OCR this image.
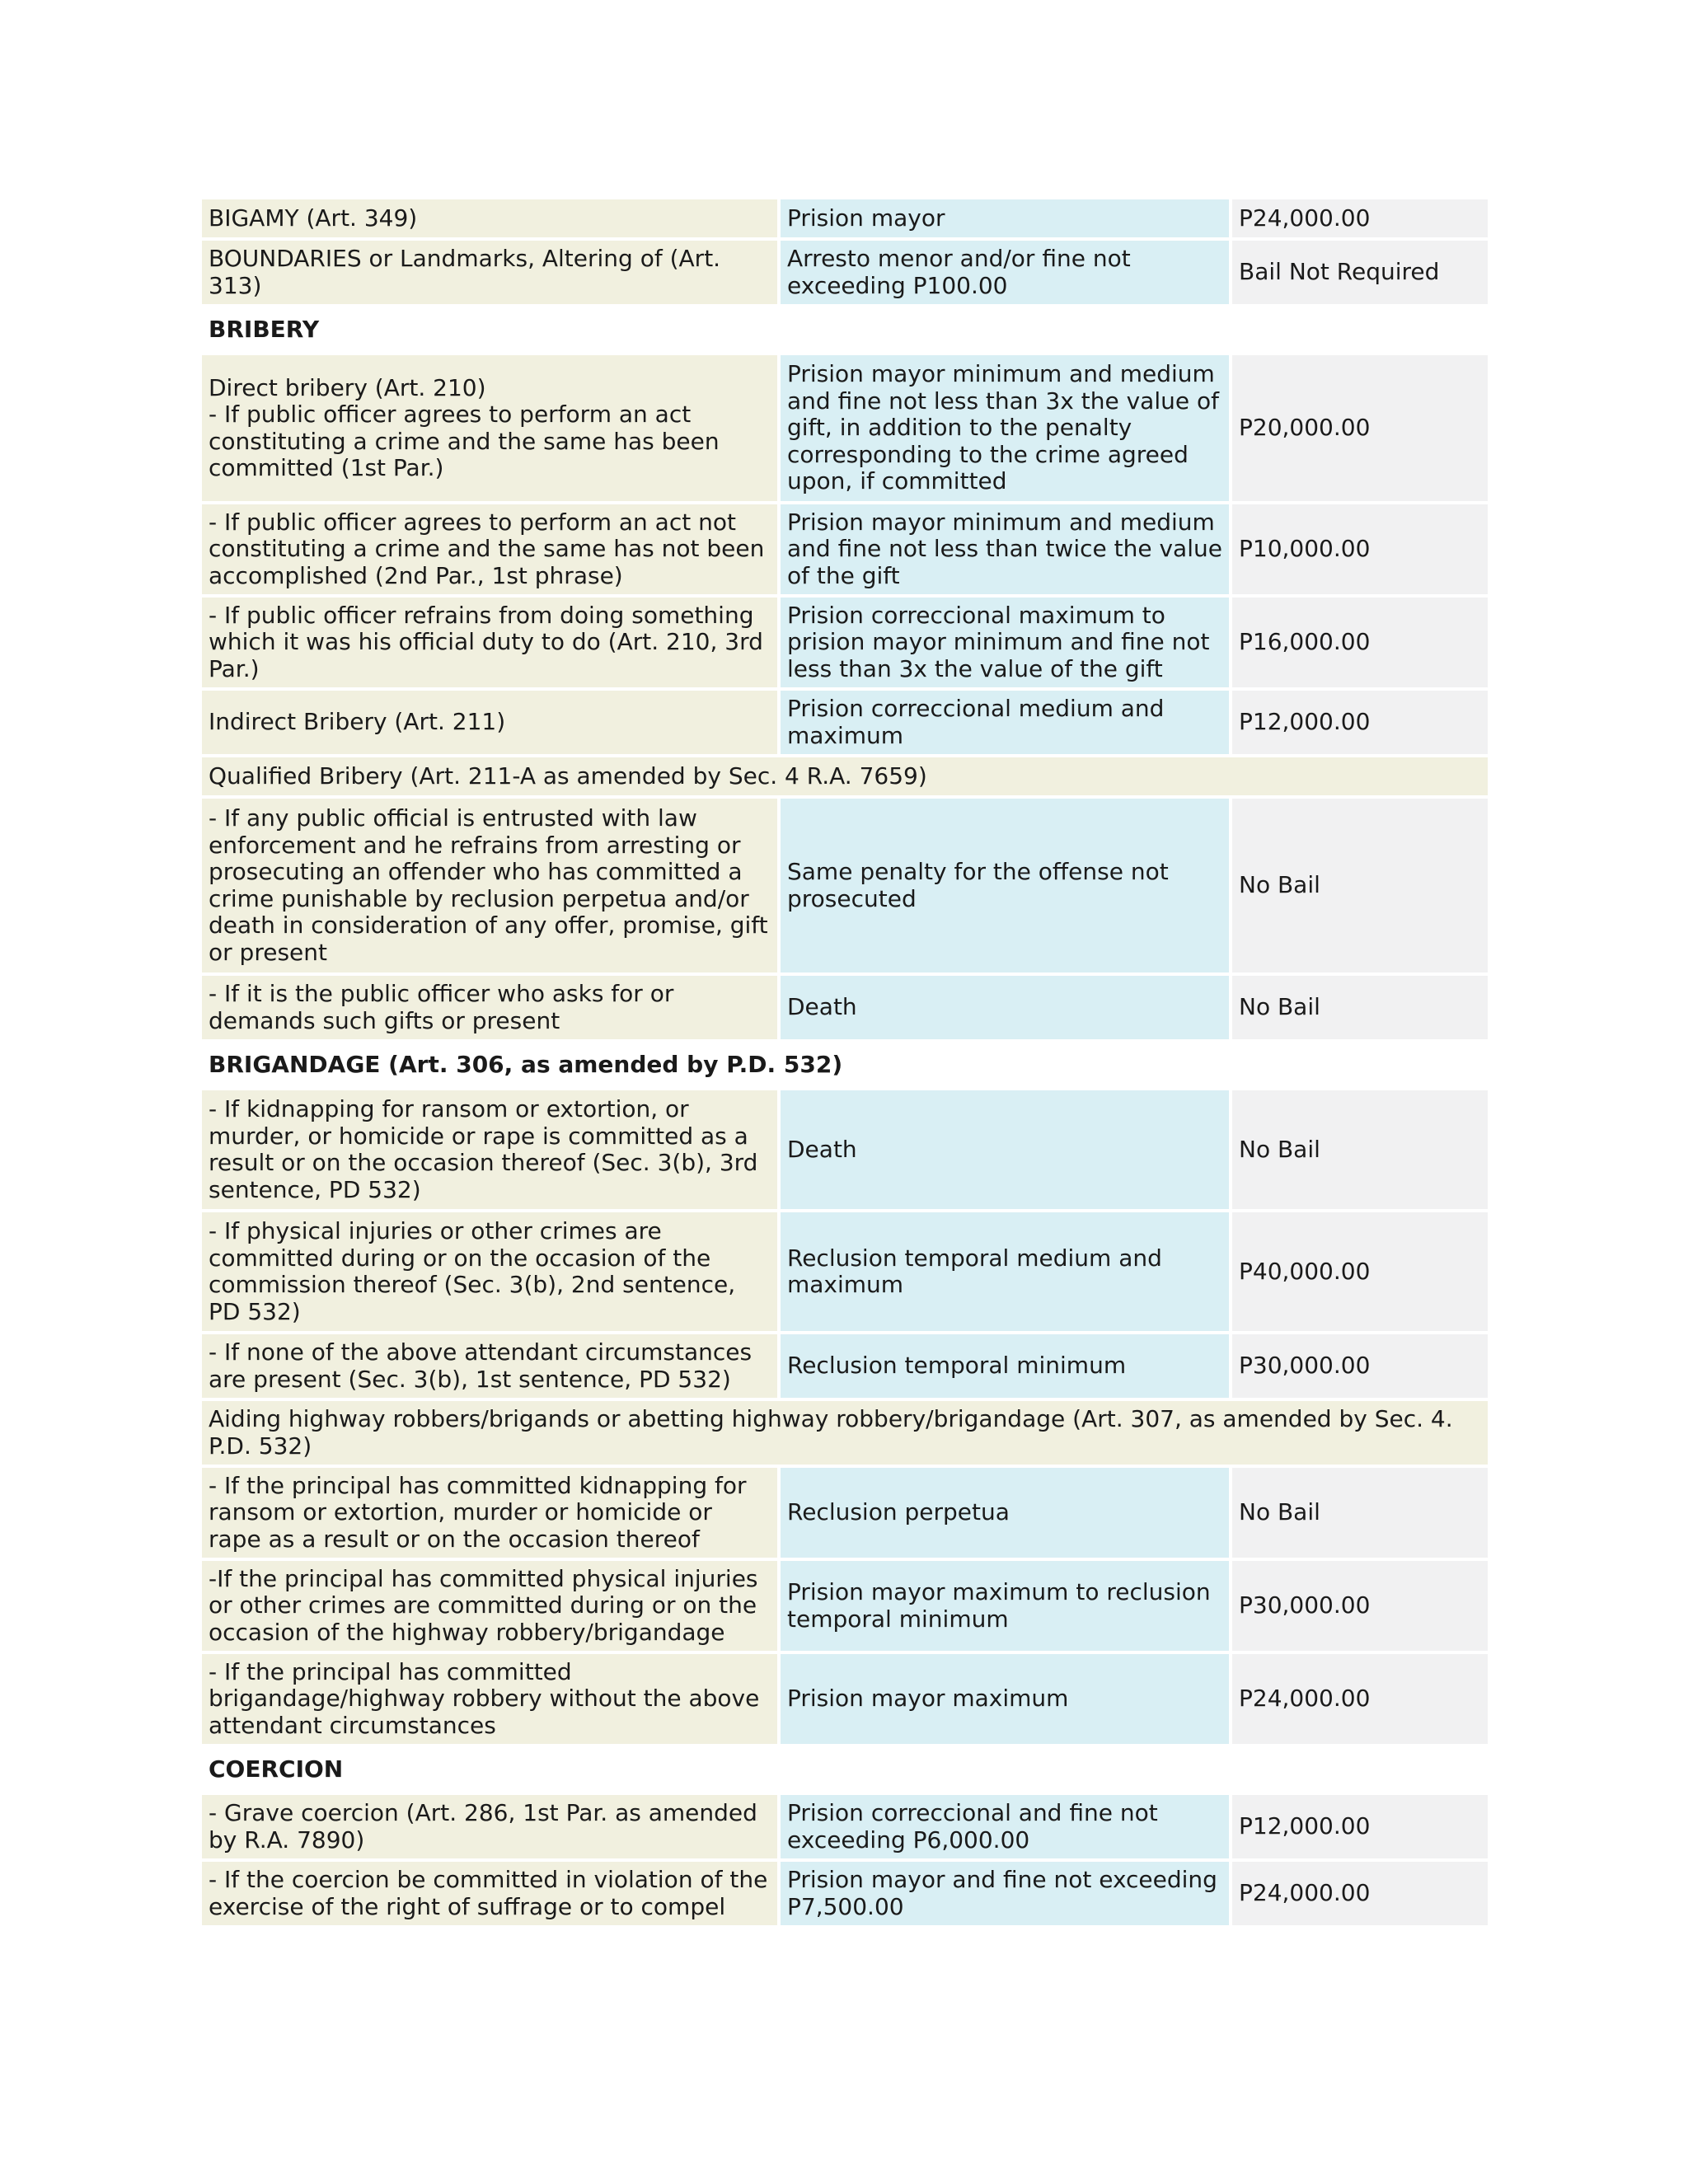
BIGAMY (Art. 349)	Prision mayor	P24,000.00

BOUNDARIES or Landmarks, Altering of (Art. 313)	Arresto menor and/or fine not exceeding P100.00	Bail Not Required
BRIBERY		

Direct bribery (Art. 210)
- If public officer agrees to perform an act constituting a crime and the same has been committed (1st Par.)	Prision mayor minimum and medium and fine not less than 3x the value of gift, in addition to the penalty corresponding to the crime agreed upon, if committed	P20,000.00

- If public officer agrees to perform an act not constituting a crime and the same has not been accomplished (2nd Par., 1st phrase)	Prision mayor minimum and medium and fine not less than twice the value of the gift	P10,000.00

- If public officer refrains from doing something which it was his official duty to do (Art. 210, 3rd Par.)	Prision correccional maximum to prision mayor minimum and fine not less than 3x the value of the gift	P16,000.00

Indirect Bribery (Art. 211)	Prision correccional medium and maximum	P12,000.00
Qualified Bribery (Art. 211-A as amended by Sec. 4 R.A. 7659)		

- If any public official is entrusted with law enforcement and he refrains from arresting or prosecuting an offender who has committed a crime punishable by reclusion perpetua and/or death in consideration of any offer, promise, gift or present	Same penalty for the offense not prosecuted	No Bail

- If it is the public officer who asks for or demands such gifts or present	Death	No Bail
BRIGANDAGE (Art. 306, as amended by P.D. 532)		

- If kidnapping for ransom or extortion, or murder, or homicide or rape is committed as a result or on the occasion thereof (Sec. 3(b), 3rd sentence, PD 532)	Death	No Bail

- If physical injuries or other crimes are committed during or on the occasion of the commission thereof (Sec. 3(b), 2nd sentence, PD 532)	Reclusion temporal medium and maximum	P40,000.00

- If none of the above attendant circumstances are present (Sec. 3(b), 1st sentence, PD 532)	Reclusion temporal minimum	P30,000.00
Aiding highway robbers/brigands or abetting highway robbery/brigandage (Art. 307, as amended by Sec. 4. P.D. 532)		

- If the principal has committed kidnapping for ransom or extortion, murder or homicide or rape as a result or on the occasion thereof	Reclusion perpetua	No Bail

-If the principal has committed physical injuries or other crimes are committed during or on the occasion of the highway robbery/brigandage	Prision mayor maximum to reclusion temporal minimum	P30,000.00

- If the principal has committed brigandage/highway robbery without the above attendant circumstances	Prision mayor maximum	P24,000.00
COERCION		

- Grave coercion (Art. 286, 1st Par. as amended by R.A. 7890)	Prision correccional and fine not exceeding P6,000.00	P12,000.00

- If the coercion be committed in violation of the exercise of the right of suffrage or to compel	Prision mayor and fine not exceeding P7,500.00	P24,000.00
